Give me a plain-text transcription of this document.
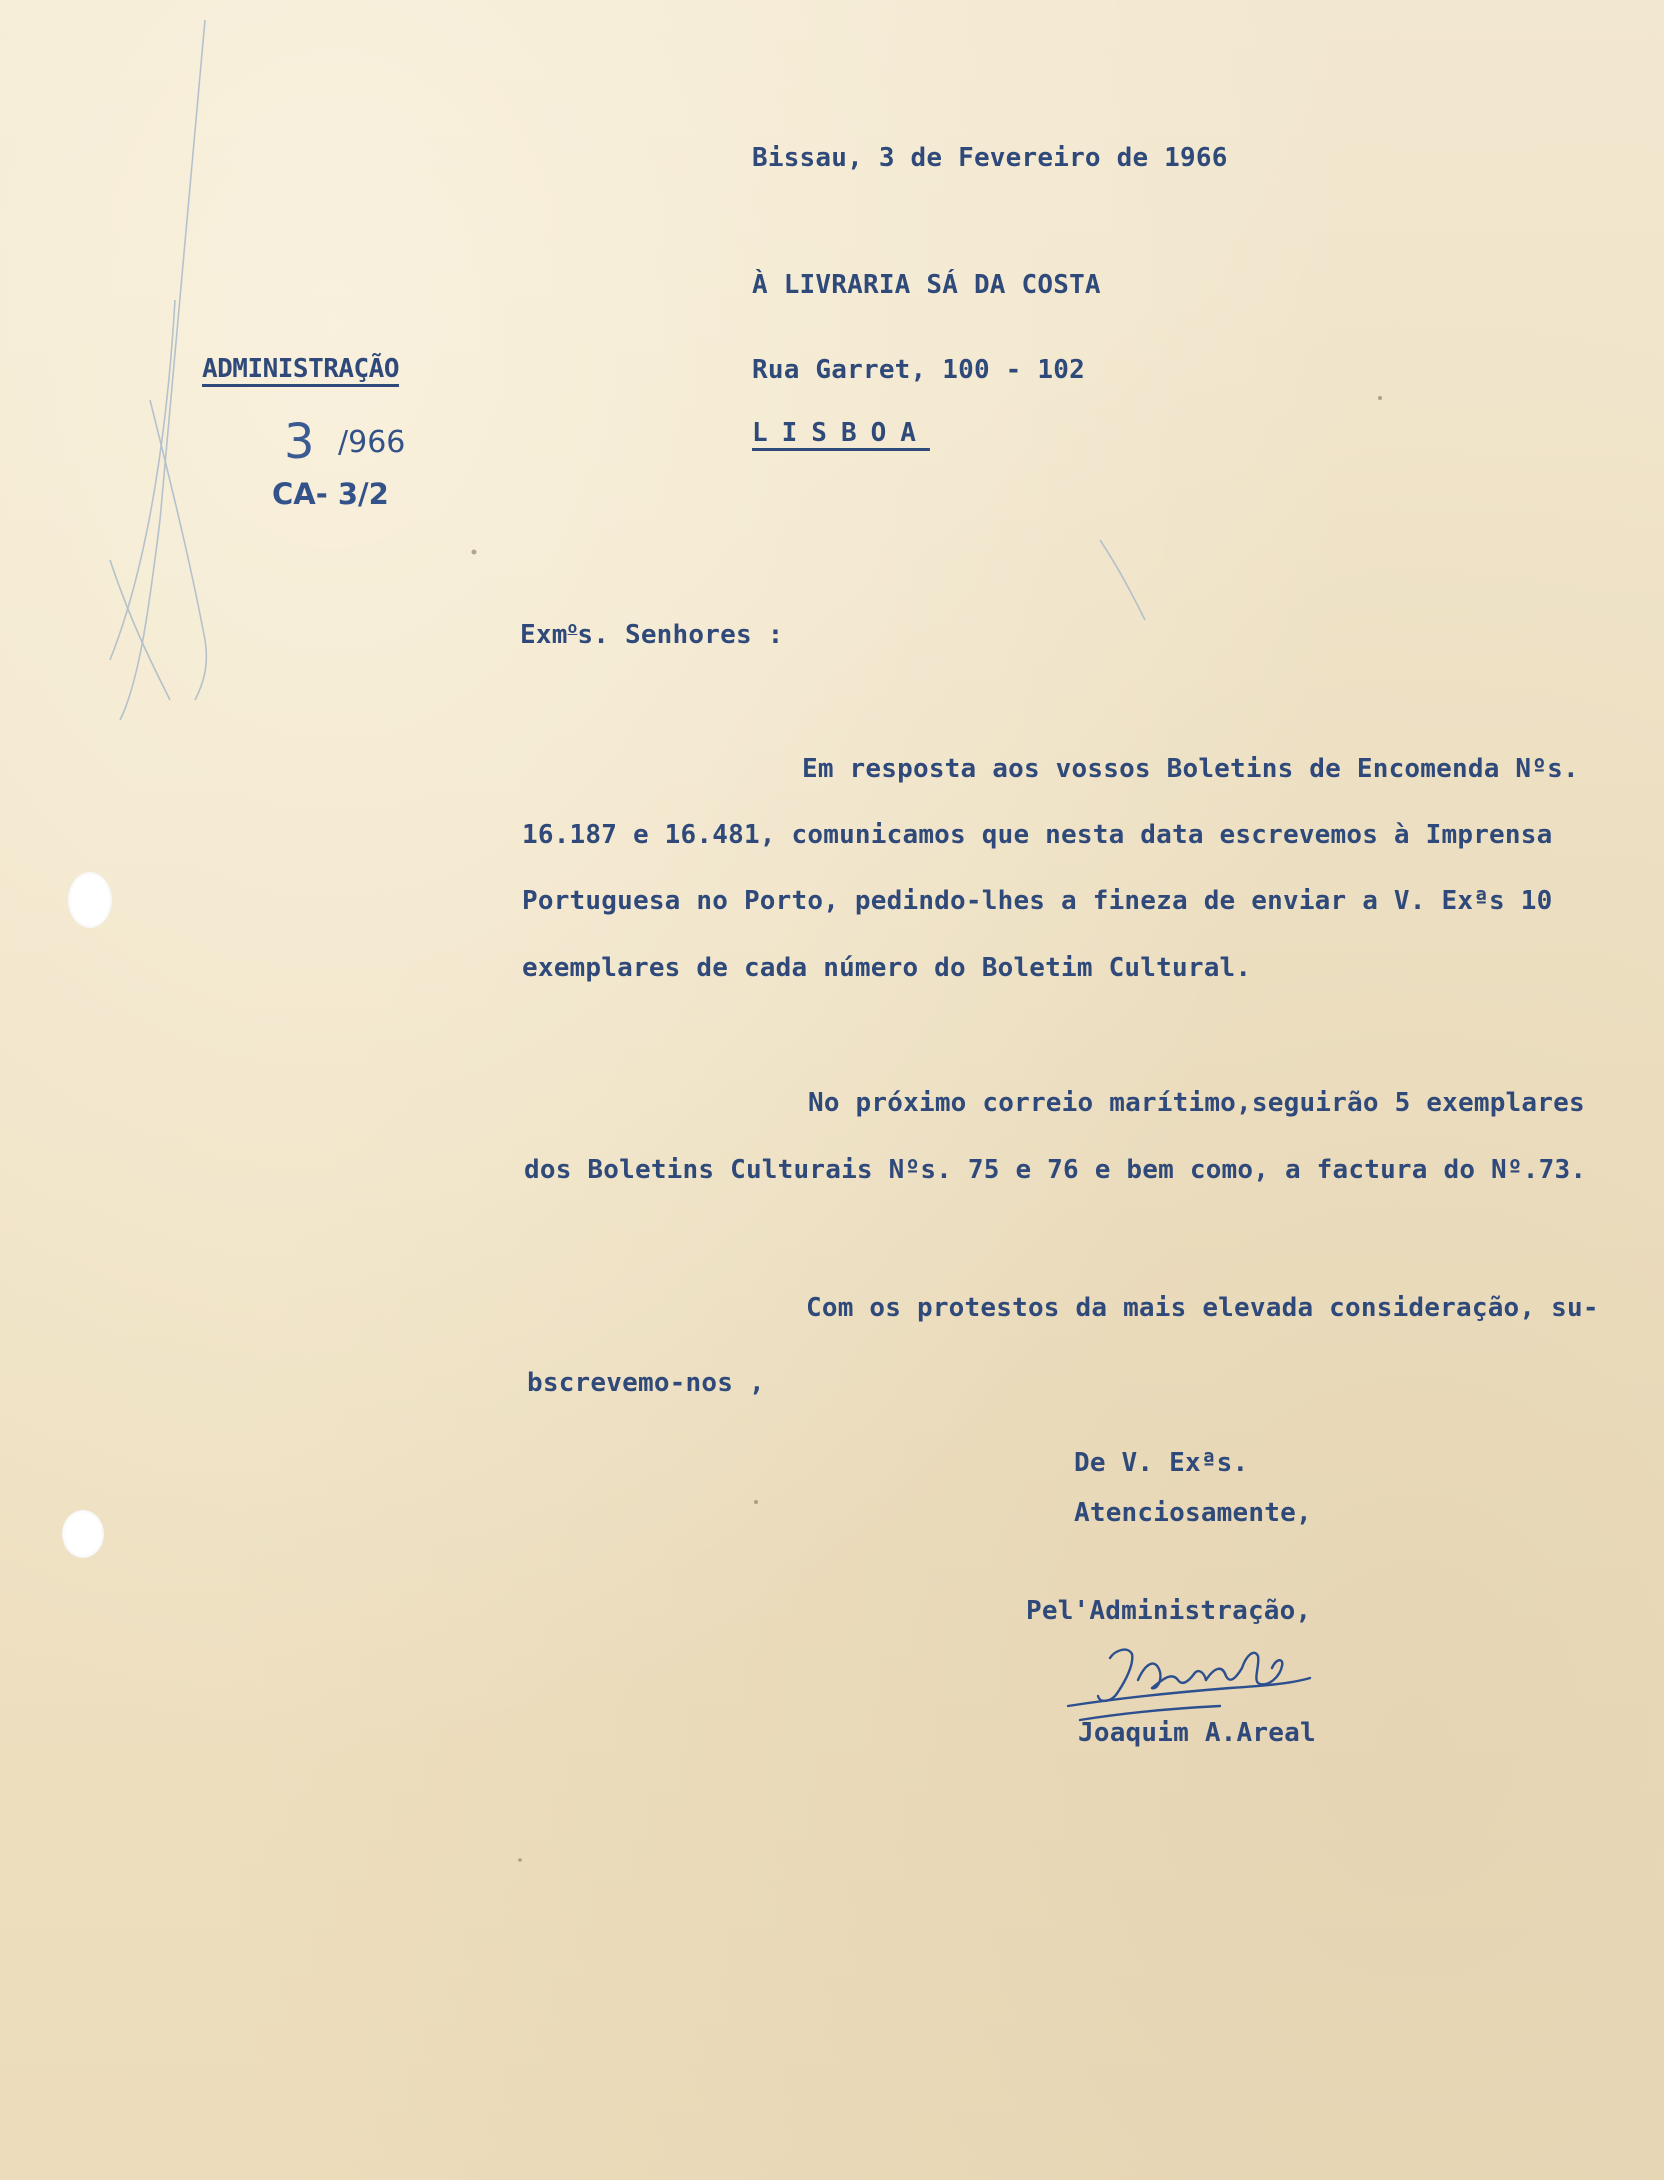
Bissau, 3 de Fevereiro de 1966
À LIVRARIA SÁ DA COSTA
Rua Garret, 100 - 102
LISBOA
ADMINISTRAÇÃO
3 /966
CA- 3/2
Exm$^o$s. Senhores :
Em resposta aos vossos Boletins de Encomenda Nºs.
16.187 e 16.481, comunicamos que nesta data escrevemos à Imprensa
Portuguesa no Porto, pedindo-lhes a fineza de enviar a V. Exªs 10
exemplares de cada número do Boletim Cultural.
No próximo correio marítimo,seguirão 5 exemplares
dos Boletins Culturais Nºs. 75 e 76 e bem como, a factura do Nº.73.
Com os protestos da mais elevada consideração, su-
bscrevemo-nos ,
De V. Exªs.
Atenciosamente,
Pel'Administração,
Joaquim A.Areal
